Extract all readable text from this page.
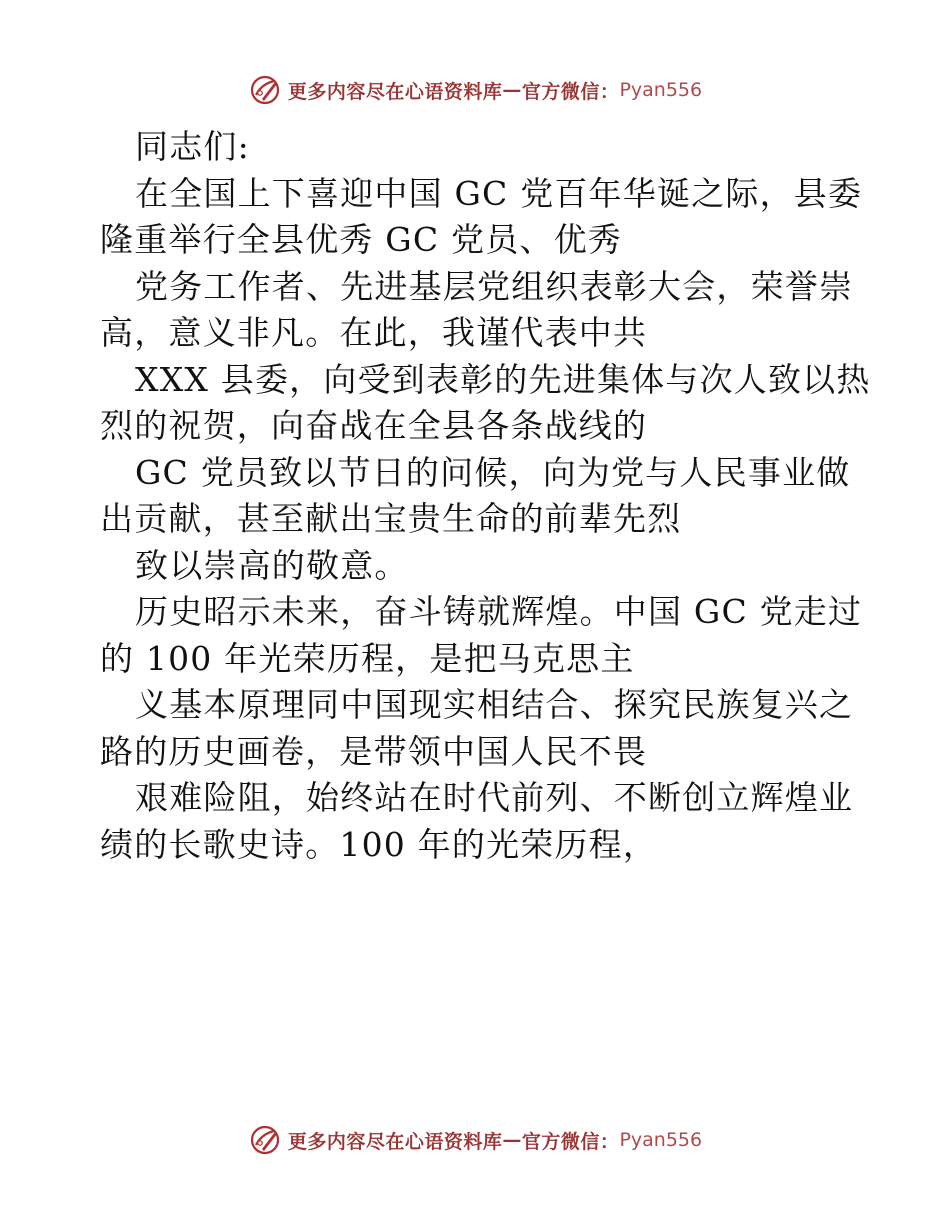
更多内容尽在心语资料库 — 官方微信： Pyan556
同志们:
在全国上下喜迎中国 GC 党百年华诞之际，县委
隆重举行全县优秀 GC 党员、优秀
党务工作者、先进基层党组织表彰大会，荣誉崇
高，意义非凡。在此，我谨代表中共
XXX 县委，向受到表彰的先进集体与次人致以热
烈的祝贺，向奋战在全县各条战线的
GC 党员致以节日的问候，向为党与人民事业做
出贡献，甚至献出宝贵生命的前辈先烈
致以崇高的敬意。
历史昭示未来，奋斗铸就辉煌。中国 GC 党走过
的 100 年光荣历程，是把马克思主
义基本原理同中国现实相结合、探究民族复兴之
路的历史画卷，是带领中国人民不畏
艰难险阻，始终站在时代前列、不断创立辉煌业
绩的长歌史诗。100 年的光荣历程，
更多内容尽在心语资料库 — 官方微信： Pyan556
